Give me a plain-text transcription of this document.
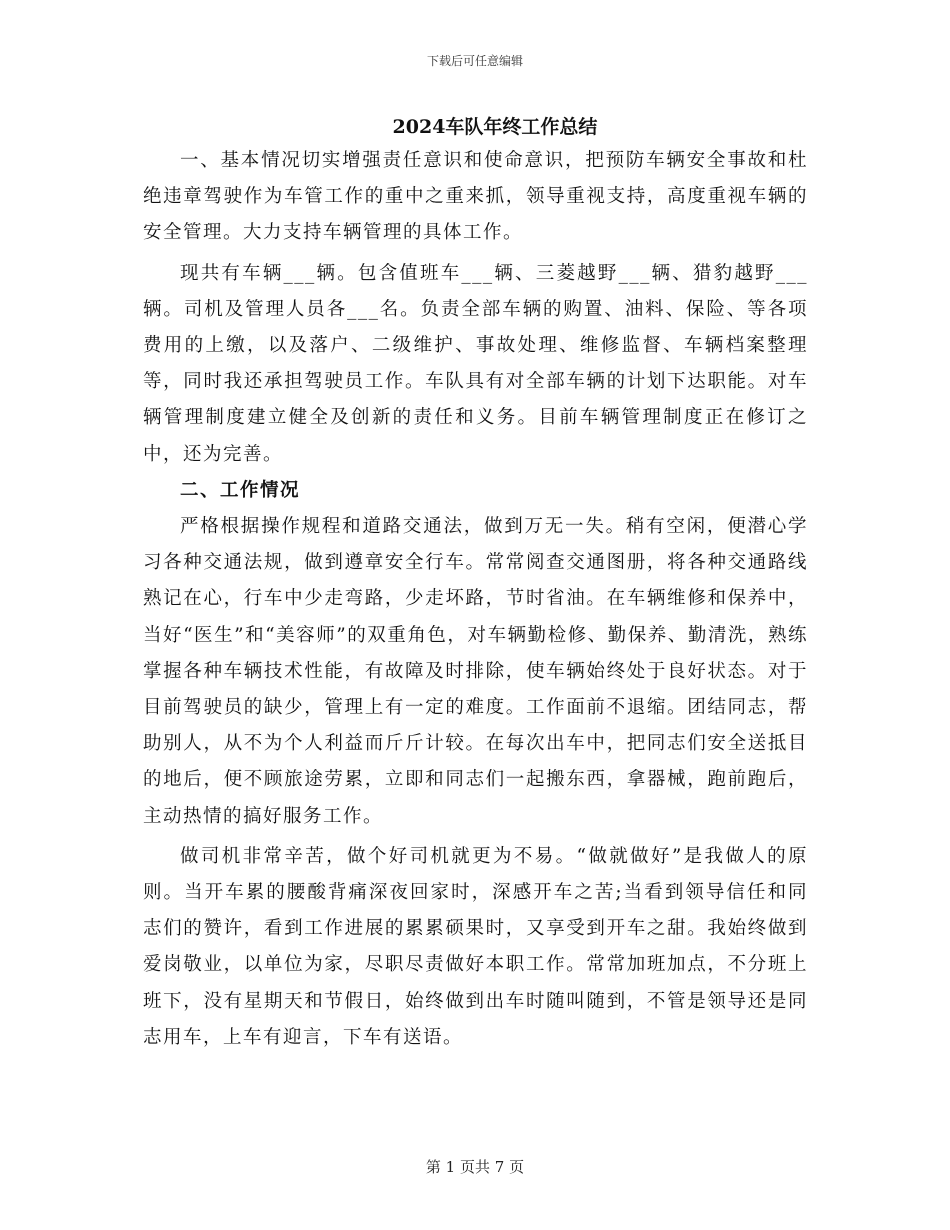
下载后可任意编辑
2024车队年终工作总结

一、基本情况切实增强责任意识和使命意识，把预防车辆安全事故和杜绝违章驾驶作为车管工作的重中之重来抓，领导重视支持，高度重视车辆的安全管理。大力支持车辆管理的具体工作。

现共有车辆___辆。包含值班车___辆、三菱越野___辆、猎豹越野___辆。司机及管理人员各___名。负责全部车辆的购置、油料、保险、等各项费用的上缴，以及落户、二级维护、事故处理、维修监督、车辆档案整理等，同时我还承担驾驶员工作。车队具有对全部车辆的计划下达职能。对车辆管理制度建立健全及创新的责任和义务。目前车辆管理制度正在修订之中，还为完善。

二、工作情况

严格根据操作规程和道路交通法，做到万无一失。稍有空闲，便潜心学习各种交通法规，做到遵章安全行车。常常阅查交通图册，将各种交通路线熟记在心，行车中少走弯路，少走坏路，节时省油。在车辆维修和保养中，当好“医生”和“美容师”的双重角色，对车辆勤检修、勤保养、勤清洗，熟练掌握各种车辆技术性能，有故障及时排除，使车辆始终处于良好状态。对于目前驾驶员的缺少，管理上有一定的难度。工作面前不退缩。团结同志，帮助别人，从不为个人利益而斤斤计较。在每次出车中，把同志们安全送抵目的地后，便不顾旅途劳累，立即和同志们一起搬东西，拿器械，跑前跑后，主动热情的搞好服务工作。

做司机非常辛苦，做个好司机就更为不易。“做就做好”是我做人的原则。当开车累的腰酸背痛深夜回家时，深感开车之苦;当看到领导信任和同志们的赞许，看到工作进展的累累硕果时，又享受到开车之甜。我始终做到爱岗敬业，以单位为家，尽职尽责做好本职工作。常常加班加点，不分班上班下，没有星期天和节假日，始终做到出车时随叫随到，不管是领导还是同志用车，上车有迎言，下车有送语。

第 1 页共 7 页
